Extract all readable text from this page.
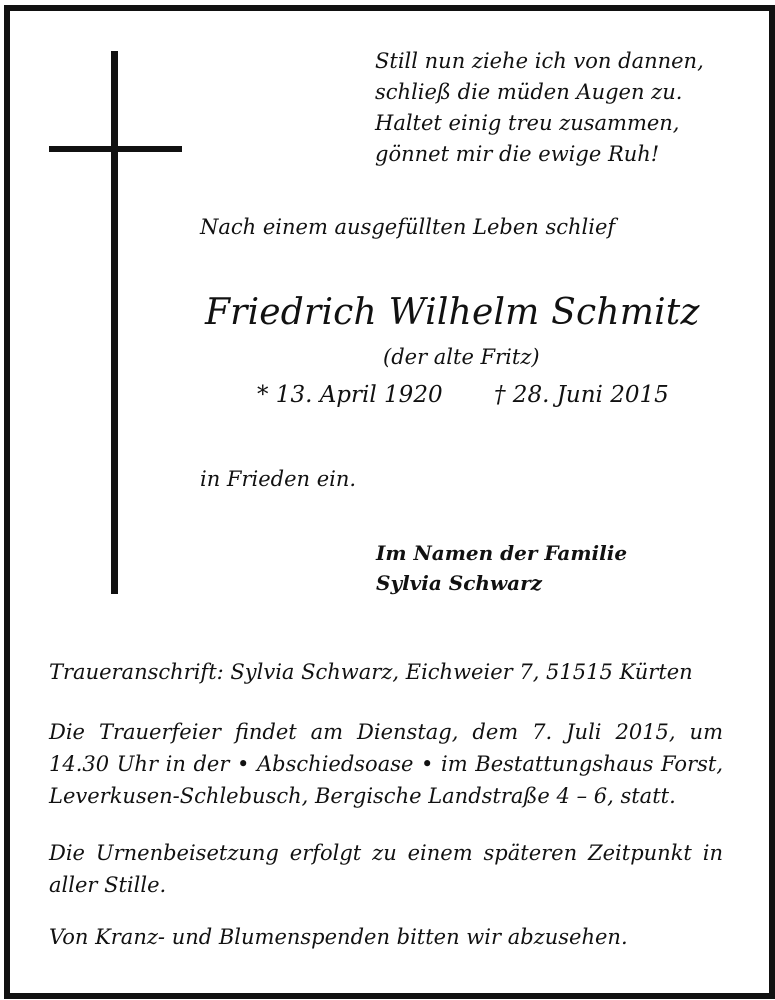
Still nun ziehe ich von dannen,
schließ die müden Augen zu.
Haltet einig treu zusammen,
gönnet mir die ewige Ruh!
Nach einem ausgefüllten Leben schlief
Friedrich Wilhelm Schmitz
(der alte Fritz)
* 13. April 1920 † 28. Juni 2015
in Frieden ein.
Im Namen der Familie
Sylvia Schwarz
Traueranschrift: Sylvia Schwarz, Eichweier 7, 51515 Kürten
Die Trauerfeier findet am Dienstag, dem 7. Juli 2015, um
14.30 Uhr in der • Abschiedsoase • im Bestattungshaus Forst,
Leverkusen-Schlebusch, Bergische Landstraße 4 – 6, statt.
Die Urnenbeisetzung erfolgt zu einem späteren Zeitpunkt in
aller Stille.
Von Kranz- und Blumenspenden bitten wir abzusehen.
